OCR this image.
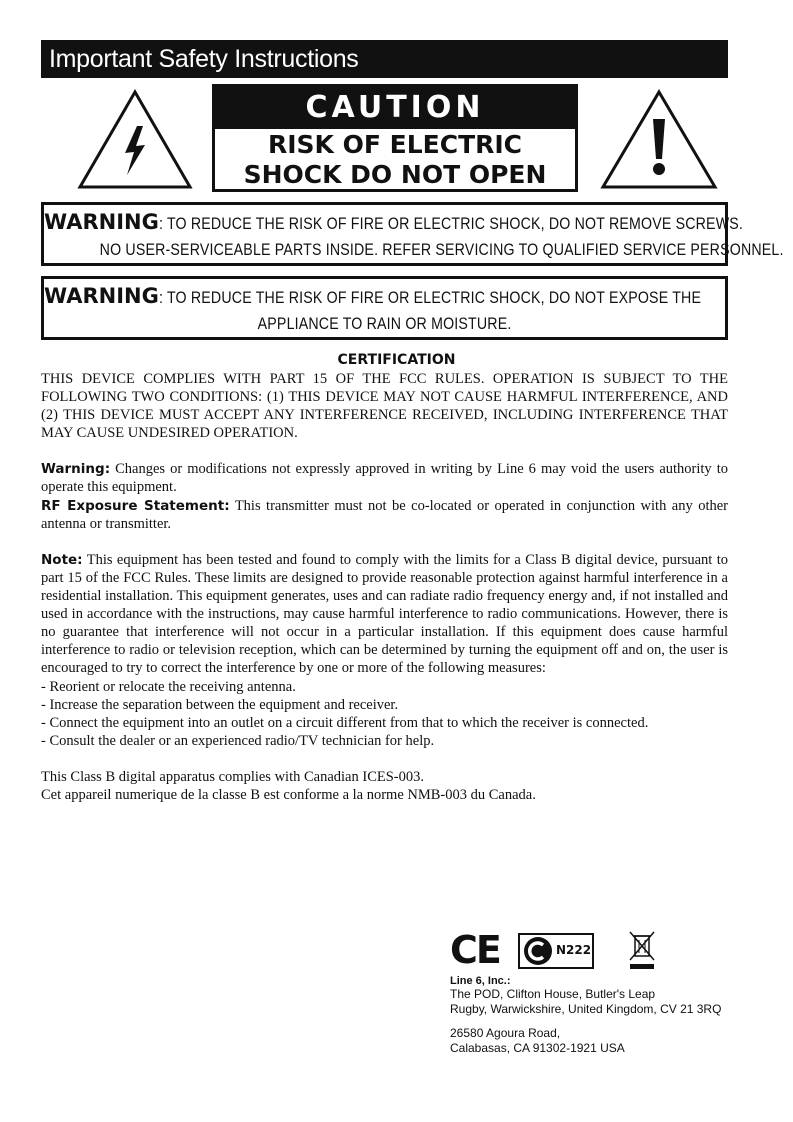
Important Safety Instructions
CAUTION
RISK OF ELECTRIC
SHOCK DO NOT OPEN
WARNING: TO REDUCE THE RISK OF FIRE OR ELECTRIC SHOCK, DO NOT REMOVE SCREWS.
NO USER-SERVICEABLE PARTS INSIDE. REFER SERVICING TO QUALIFIED SERVICE PERSONNEL.
WARNING: TO REDUCE THE RISK OF FIRE OR ELECTRIC SHOCK, DO NOT EXPOSE THE
APPLIANCE TO RAIN OR MOISTURE.
CERTIFICATION
THIS DEVICE COMPLIES WITH PART 15 OF THE FCC RULES. OPERATION IS SUBJECT TO THE FOLLOWING TWO CONDITIONS: (1) THIS DEVICE MAY NOT CAUSE HARMFUL INTERFERENCE, AND (2) THIS DEVICE MUST ACCEPT ANY INTERFERENCE RECEIVED, INCLUDING INTERFERENCE THAT MAY CAUSE UNDESIRED OPERATION.
Warning: Changes or modifications not expressly approved in writing by Line 6 may void the users authority to operate this equipment.
RF Exposure Statement: This transmitter must not be co-located or operated in conjunction with any other antenna or transmitter.
Note: This equipment has been tested and found to comply with the limits for a Class B digital device, pursuant to part 15 of the FCC Rules. These limits are designed to provide reasonable protection against harmful interference in a residential installation. This equipment generates, uses and can radiate radio frequency energy and, if not installed and used in accordance with the instructions, may cause harmful interference to radio communications. However, there is no guarantee that interference will not occur in a particular installation. If this equipment does cause harmful interference to radio or television reception, which can be determined by turning the equipment off and on, the user is encouraged to try to correct the interference by one or more of the following measures:
- Reorient or relocate the receiving antenna.
- Increase the separation between the equipment and receiver.
- Connect the equipment into an outlet on a circuit different from that to which the receiver is connected.
- Consult the dealer or an experienced radio/TV technician for help.
This Class B digital apparatus complies with Canadian ICES-003.
Cet appareil numerique de la classe B est conforme a la norme NMB-003 du Canada.
CE	N222
Line 6, Inc.:
The POD, Clifton House, Butler's Leap
Rugby, Warwickshire, United Kingdom, CV 21 3RQ
26580 Agoura Road,
Calabasas, CA 91302-1921 USA
